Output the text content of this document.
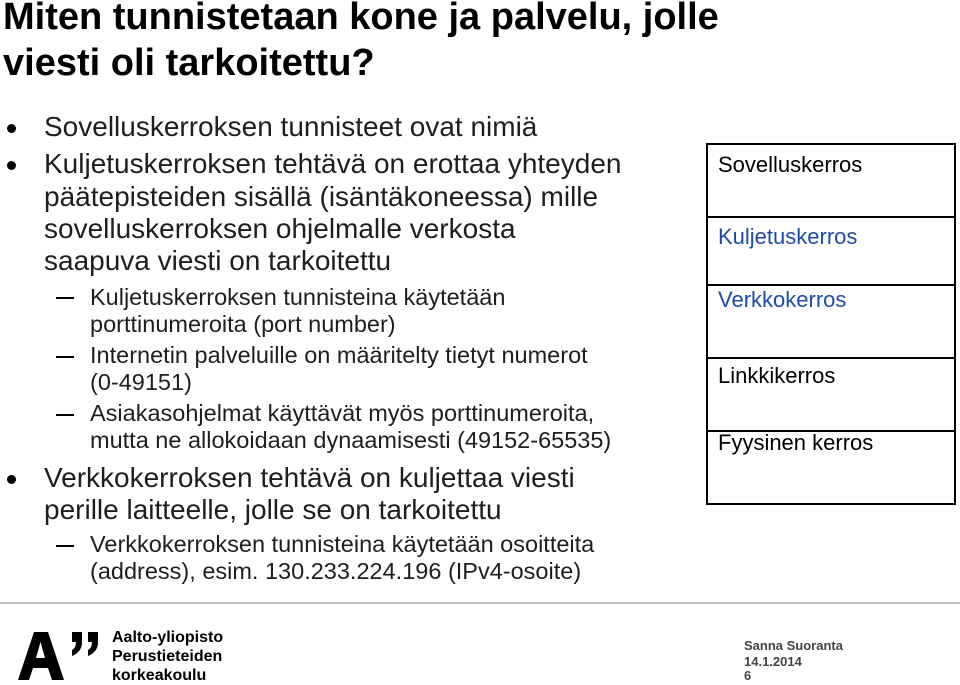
Miten tunnistetaan kone ja palvelu, jolle
viesti oli tarkoitettu?
Sovelluskerroksen tunnisteet ovat nimiä
Kuljetuskerroksen tehtävä on erottaa yhteyden
päätepisteiden sisällä (isäntäkoneessa) mille
sovelluskerroksen ohjelmalle verkosta
saapuva viesti on tarkoitettu
Kuljetuskerroksen tunnisteina käytetään
porttinumeroita (port number)
Internetin palveluille on määritelty tietyt numerot
(0-49151)
Asiakasohjelmat käyttävät myös porttinumeroita,
mutta ne allokoidaan dynaamisesti (49152-65535)
Verkkokerroksen tehtävä on kuljettaa viesti
perille laitteelle, jolle se on tarkoitettu
Verkkokerroksen tunnisteina käytetään osoitteita
(address), esim. 130.233.224.196 (IPv4-osoite)
Sovelluskerros
Kuljetuskerros
Verkkokerros
Linkkikerros
Fyysinen kerros
Aalto-yliopisto
Perustieteiden
korkeakoulu
Sanna Suoranta
14.1.2014
6
